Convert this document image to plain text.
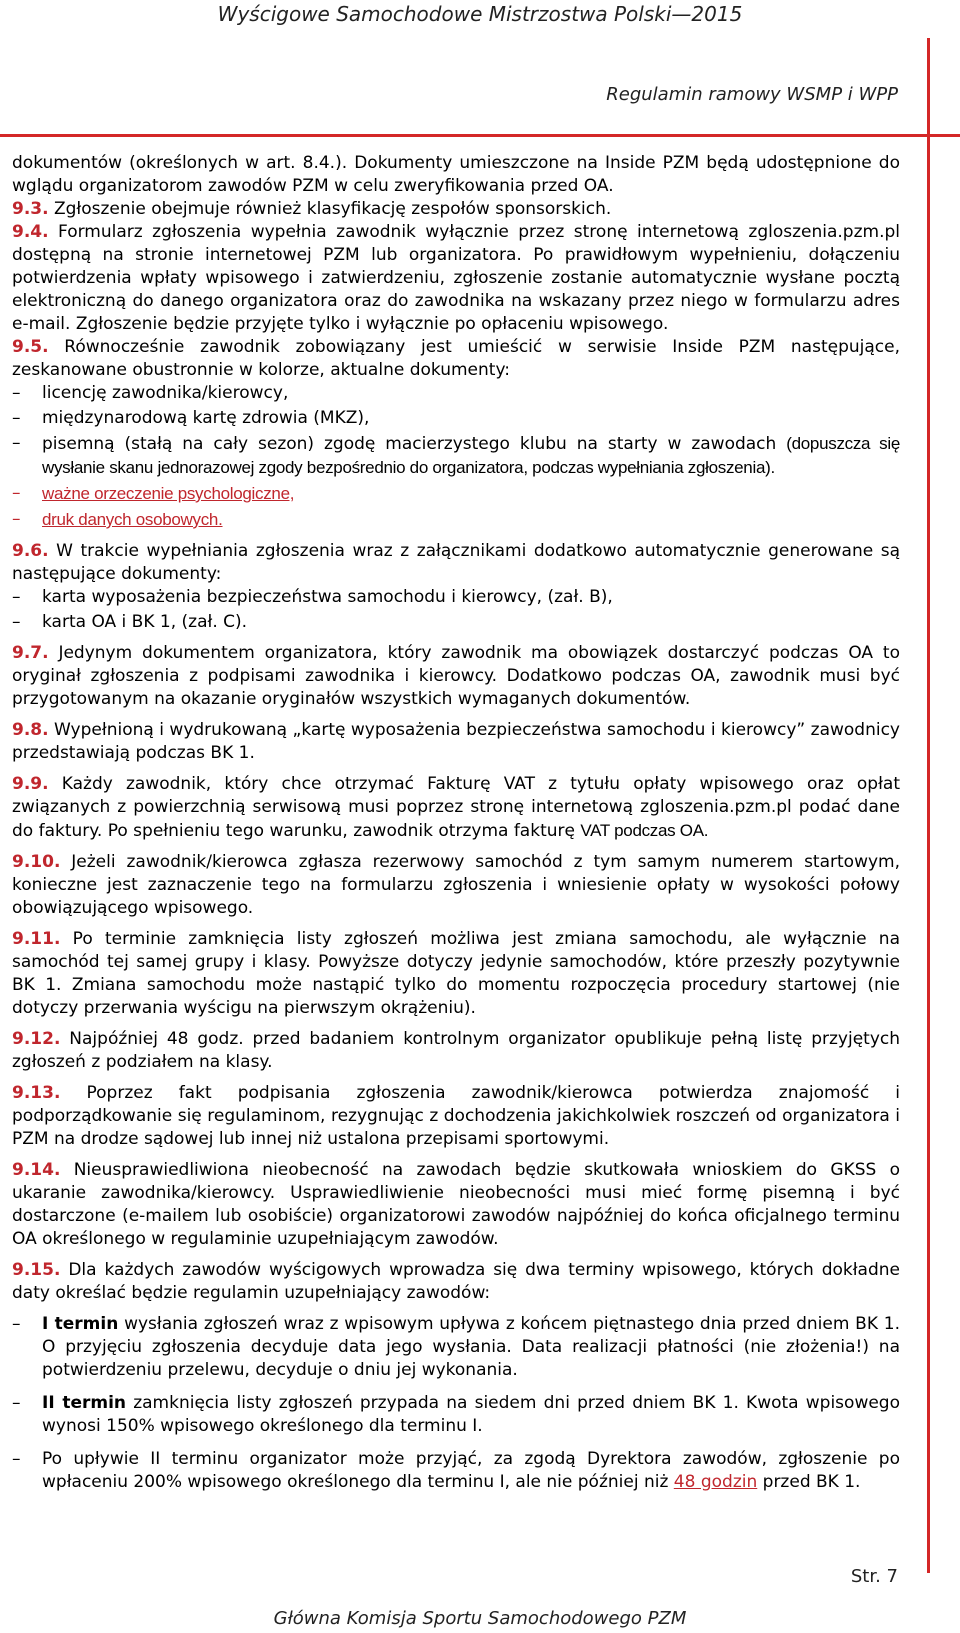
Wyścigowe Samochodowe Mistrzostwa Polski—2015
Regulamin ramowy WSMP i WPP

dokumentów (określonych w art. 8.4.). Dokumenty umieszczone na Inside PZM będą udostępnione do wglądu organizatorom zawodów PZM w celu zweryfikowania przed OA.

9.3. Zgłoszenie obejmuje również klasyfikację zespołów sponsorskich.

9.4. Formularz zgłoszenia wypełnia zawodnik wyłącznie przez stronę internetową zgloszenia.pzm.pl dostępną na stronie internetowej PZM lub organizatora. Po prawidłowym wypełnieniu, dołączeniu potwierdzenia wpłaty wpisowego i zatwierdzeniu, zgłoszenie zostanie automatycznie wysłane pocztą elektroniczną do danego organizatora oraz do zawodnika na wskazany przez niego w formularzu adres e-mail. Zgłoszenie będzie przyjęte tylko i wyłącznie po opłaceniu wpisowego.

9.5. Równocześnie zawodnik zobowiązany jest umieścić w serwisie Inside PZM następujące, zeskanowane obustronnie w kolorze, aktualne dokumenty:

– licencję zawodnika/kierowcy,
– międzynarodową kartę zdrowia (MKZ),
– pisemną (stałą na cały sezon) zgodę macierzystego klubu na starty w zawodach (dopuszcza się wysłanie skanu jednorazowej zgody bezpośrednio do organizatora, podczas wypełniania zgłoszenia).
– ważne orzeczenie psychologiczne,
– druk danych osobowych.

9.6. W trakcie wypełniania zgłoszenia wraz z załącznikami dodatkowo automatycznie generowane są następujące dokumenty:

– karta wyposażenia bezpieczeństwa samochodu i kierowcy, (zał. B),
– karta OA i BK 1, (zał. C).

9.7. Jedynym dokumentem organizatora, który zawodnik ma obowiązek dostarczyć podczas OA to oryginał zgłoszenia z podpisami zawodnika i kierowcy. Dodatkowo podczas OA, zawodnik musi być przygotowanym na okazanie oryginałów wszystkich wymaganych dokumentów.

9.8. Wypełnioną i wydrukowaną „kartę wyposażenia bezpieczeństwa samochodu i kierowcy” zawodnicy przedstawiają podczas BK 1.

9.9. Każdy zawodnik, który chce otrzymać Fakturę VAT z tytułu opłaty wpisowego oraz opłat związanych z powierzchnią serwisową musi poprzez stronę internetową zgloszenia.pzm.pl podać dane do faktury. Po spełnieniu tego warunku, zawodnik otrzyma fakturę VAT podczas OA.

9.10. Jeżeli zawodnik/kierowca zgłasza rezerwowy samochód z tym samym numerem startowym, konieczne jest zaznaczenie tego na formularzu zgłoszenia i wniesienie opłaty w wysokości połowy obowiązującego wpisowego.

9.11. Po terminie zamknięcia listy zgłoszeń możliwa jest zmiana samochodu, ale wyłącznie na samochód tej samej grupy i klasy. Powyższe dotyczy jedynie samochodów, które przeszły pozytywnie BK 1. Zmiana samochodu może nastąpić tylko do momentu rozpoczęcia procedury startowej (nie dotyczy przerwania wyścigu na pierwszym okrążeniu).

9.12. Najpóźniej 48 godz. przed badaniem kontrolnym organizator opublikuje pełną listę przyjętych zgłoszeń z podziałem na klasy.

9.13. Poprzez fakt podpisania zgłoszenia zawodnik/kierowca potwierdza znajomość i podporządkowanie się regulaminom, rezygnując z dochodzenia jakichkolwiek roszczeń od organizatora i PZM na drodze sądowej lub innej niż ustalona przepisami sportowymi.

9.14. Nieusprawiedliwiona nieobecność na zawodach będzie skutkowała wnioskiem do GKSS o ukaranie zawodnika/kierowcy. Usprawiedliwienie nieobecności musi mieć formę pisemną i być dostarczone (e-mailem lub osobiście) organizatorowi zawodów najpóźniej do końca oficjalnego terminu OA określonego w regulaminie uzupełniającym zawodów.

9.15. Dla każdych zawodów wyścigowych wprowadza się dwa terminy wpisowego, których dokładne daty określać będzie regulamin uzupełniający zawodów:

– I termin wysłania zgłoszeń wraz z wpisowym upływa z końcem piętnastego dnia przed dniem BK 1. O przyjęciu zgłoszenia decyduje data jego wysłania. Data realizacji płatności (nie złożenia!) na potwierdzeniu przelewu, decyduje o dniu jej wykonania.
– II termin zamknięcia listy zgłoszeń przypada na siedem dni przed dniem BK 1. Kwota wpisowego wynosi 150% wpisowego określonego dla terminu I.
– Po upływie II terminu organizator może przyjąć, za zgodą Dyrektora zawodów, zgłoszenie po wpłaceniu 200% wpisowego określonego dla terminu I, ale nie później niż 48 godzin przed BK 1.
Str. 7
Główna Komisja Sportu Samochodowego PZM
